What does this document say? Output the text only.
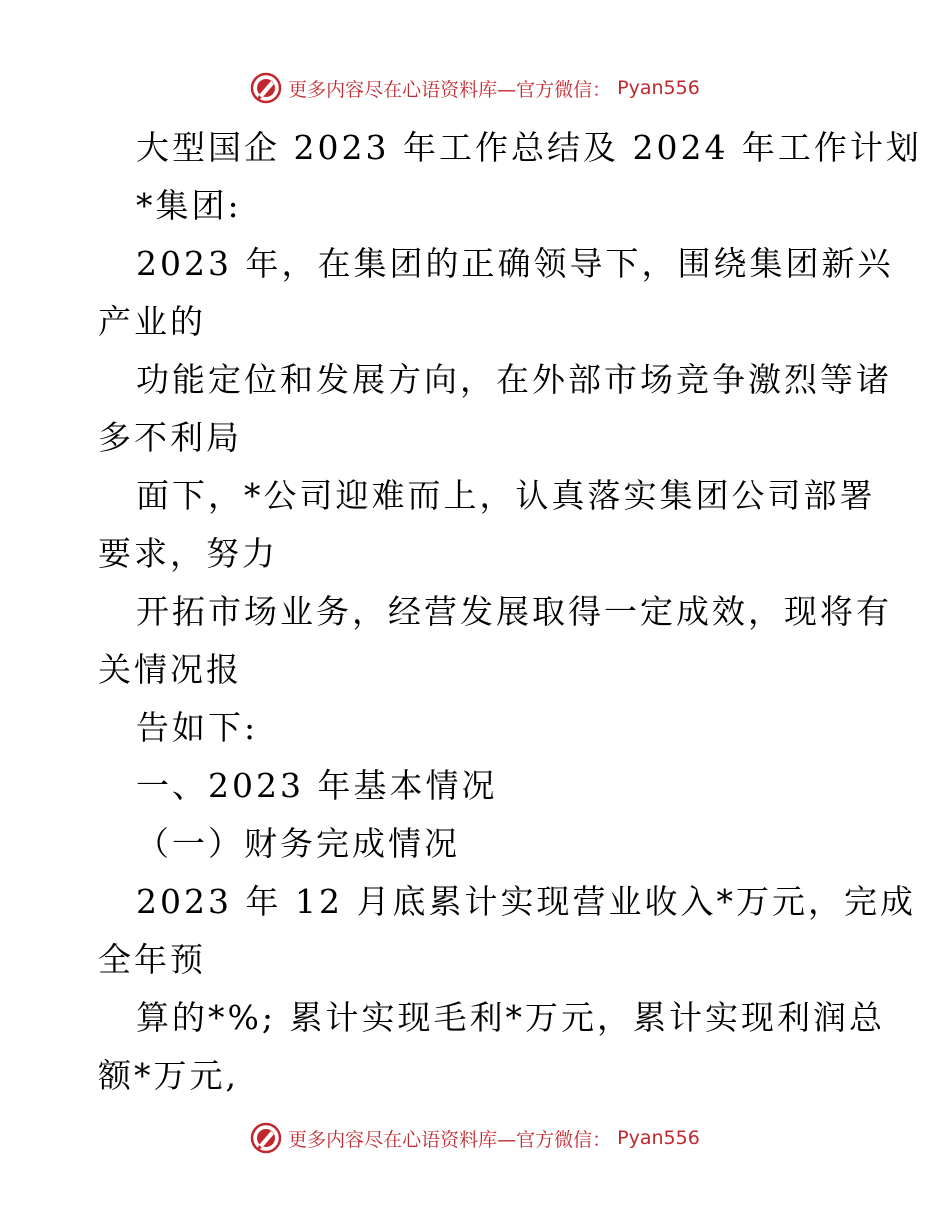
更多内容尽在心语资料库—官方微信： Pyan556
大型国企 2023 年工作总结及 2024 年工作计划
*集团:
2023 年，在集团的正确领导下，围绕集团新兴
产业的
功能定位和发展方向，在外部市场竞争激烈等诸
多不利局
面下，*公司迎难而上，认真落实集团公司部署
要求，努力
开拓市场业务，经营发展取得一定成效，现将有
关情况报
告如下:
一、2023 年基本情况
（一）财务完成情况
2023 年 12 月底累计实现营业收入*万元，完成
全年预
算的*%; 累计实现毛利*万元，累计实现利润总
额*万元,
更多内容尽在心语资料库—官方微信： Pyan556
